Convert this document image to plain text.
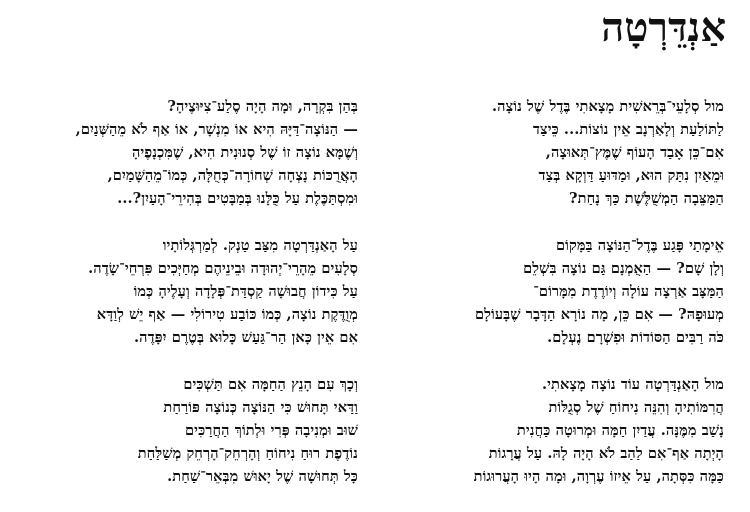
אַנְדֵּרְטָה
מול סְלָעֵי־בְּרֵאשִׁית מָצָאתִי בֶּדֶל שֶׁל נוֹצָה.
לַתּוֹלַעַת וְלָאַרְנָב אֵין נוֹצוֹת... כֵּיצַד
אִם־כֵּן אָבַד הָעוֹף שֶׁמֶּץ־תְּאוּצָה,
וּמֵאַיִן נִתַּק הוּא, וּמַדּוּעַ דַּוְקָא בְּצַד
הַמַּצֵּבָה הַמְשֻׁלֶּשֶׁת כַּךְ נָחַת?
אֵימָתַי פָּגַע בֶּדֶל־הַנּוֹצָה בַּמָּקוֹם
וְלָן שָׁם? — הַאֻמְנָם גַּם נוֹצָה בִּשְׁלֵם
הַמַּצָּב אַרְצָה עוֹלָה וְיוֹרֶדֶת מִמָּרוֹם־
מְעוּפָהּ? — אִם כֵּן, מָה נוֹרָא הַדָּבָר שֶׁבָּעוֹלָם
כֹּה רַבִּים הַסּוֹדוֹת וּפִשְׁרָם נֶעְלָם.
מול הָאַנְדַּרְטָה עוֹד נוֹצָה מָצָאתִי.
הֲרִמּוֹתִיהָ וְהִנֵּה נִיחוֹחַ שֶׁל סְגֻלּוֹת
נָשַׁב מִמֶּנָּה. עֲדַיִן חַמָּה וּמְרוּטָה כַּחֲנִית
הָיְתָה אַף־אִם לַהַב לֹא הָיָה לָהּ. עַל עֲרָגוֹת
כַּמָּה כִּסְּתָה, עַל אֵיזוֹ עֶרְוָה, וּמָה הָיוּ הָעֲרוּגוֹת
בְּהַן בִּקְרָה, וּמָה הָיָה סֶלַע־צִיּוּצֶיהָ?
— הַנּוֹצָה־דַּיָּהּ הִיא אוֹ מִנְשָׁר, אוֹ אַף לֹא מֵהַשְּׁנַיִם,
וְשֶׁמָּא נוֹצָה זוֹ שֶׁל סְנוּנִית הִיא, שֶׁמִּכְנָפֶיהָ
הָאֲרֻכּוֹת נָצְחָה שְׁחוֹרָה־כְּחֻלָּה, כְּמוֹ־מֵהַשָּׁמַיִם,
וּמִסְתַּכֶּלֶת עַל כֻּלָּנוּ בְּמַבָּטִים בְּהִירֵי־הָעַיִן?...
עַל הָאַנְדַּרְטָה מִצַּב טַנְק. לְמַרְגְּלוֹתָיו
סְלָעִים מֵהָרֵי־יְהוּדָה וּבֵינֵיהֶם מְחַיְּכִים פִּרְחֵי־שָׂדֶה.
עַל כִּידוֹן חֲבוּשָׁה קַסְדַּת־פְּלָדָה וְעָלֶיהָ כְּמוֹ
מְוֻדֶּקֶת נוֹצָה, כְּמוֹ כּוֹבַע טִירוֹלִי — אַף יֵשׁ לְוַדָּא
אִם אֵין כָּאן הַר־גַּעַשׁ כָּלוּא בְּטֶרֶם יִפָּדֶה.
וְכָךְ עִם הָנֵץ הַחַמָּה אִם תַּשְׁכִּים
וַדַּאי תָּחוּשׁ כִּי הַנּוֹצָה כְּנוֹצָה פּוֹרַחַת
שׁוּב וּמְנִיבָה פְּרִי וּלְתוֹךְ הַחֲרַכִּים
נוֹדֶפֶת רוּחַ נִיחוֹחַ וְהָרְחֵק־הָרְחֵק מְשַׁלַּחַת
כָּל תְּחוּשָׁה שֶׁל יָאוּשׁ מִבְּאֵר־שַׁחַת.
